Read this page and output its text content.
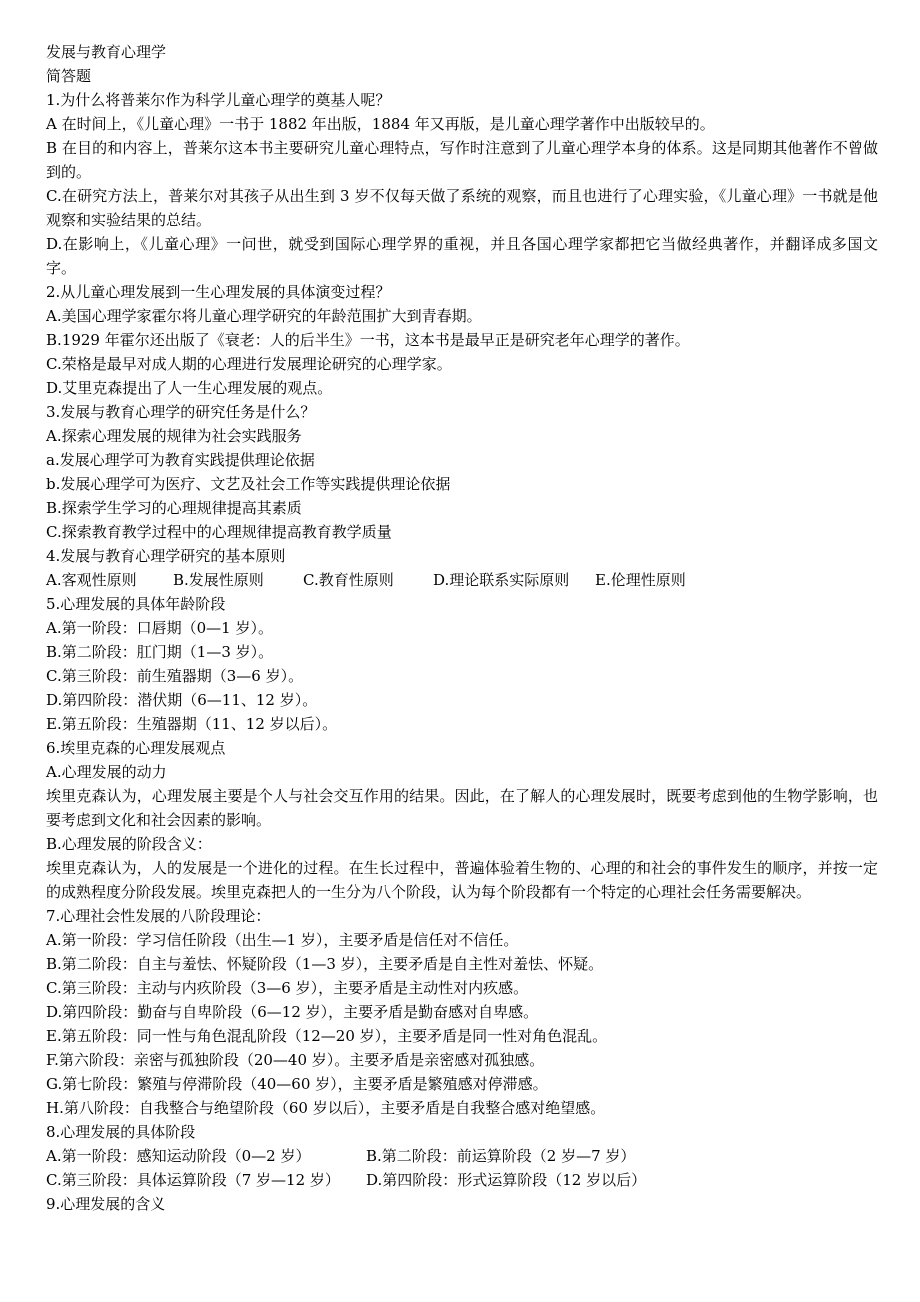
发展与教育心理学
简答题
1.为什么将普莱尔作为科学儿童心理学的奠基人呢？
A 在时间上，《儿童心理》一书于 1882 年出版，1884 年又再版，是儿童心理学著作中出版较早的。
B 在目的和内容上，普莱尔这本书主要研究儿童心理特点，写作时注意到了儿童心理学本身的体系。这是同期其他著作不曾做到的。
C.在研究方法上，普莱尔对其孩子从出生到 3 岁不仅每天做了系统的观察，而且也进行了心理实验，《儿童心理》一书就是他观察和实验结果的总结。
D.在影响上，《儿童心理》一问世，就受到国际心理学界的重视，并且各国心理学家都把它当做经典著作，并翻译成多国文字。
2.从儿童心理发展到一生心理发展的具体演变过程？
A.美国心理学家霍尔将儿童心理学研究的年龄范围扩大到青春期。
B.1929 年霍尔还出版了《衰老：人的后半生》一书，这本书是最早正是研究老年心理学的著作。
C.荣格是最早对成人期的心理进行发展理论研究的心理学家。
D.艾里克森提出了人一生心理发展的观点。
3.发展与教育心理学的研究任务是什么？
A.探索心理发展的规律为社会实践服务
a.发展心理学可为教育实践提供理论依据
b.发展心理学可为医疗、文艺及社会工作等实践提供理论依据
B.探索学生学习的心理规律提高其素质
C.探索教育教学过程中的心理规律提高教育教学质量
4.发展与教育心理学研究的基本原则
A.客观性原则	B.发展性原则	C.教育性原则	D.理论联系实际原则	E.伦理性原则
5.心理发展的具体年龄阶段
A.第一阶段：口唇期（0—1 岁）。
B.第二阶段：肛门期（1—3 岁）。
C.第三阶段：前生殖器期（3—6 岁）。
D.第四阶段：潜伏期（6—11、12 岁）。
E.第五阶段：生殖器期（11、12 岁以后）。
6.埃里克森的心理发展观点
A.心理发展的动力
埃里克森认为，心理发展主要是个人与社会交互作用的结果。因此，在了解人的心理发展时，既要考虑到他的生物学影响，也要考虑到文化和社会因素的影响。
B.心理发展的阶段含义：
埃里克森认为，人的发展是一个进化的过程。在生长过程中，普遍体验着生物的、心理的和社会的事件发生的顺序，并按一定的成熟程度分阶段发展。埃里克森把人的一生分为八个阶段，认为每个阶段都有一个特定的心理社会任务需要解决。
7.心理社会性发展的八阶段理论：
A.第一阶段：学习信任阶段（出生—1 岁），主要矛盾是信任对不信任。
B.第二阶段：自主与羞怯、怀疑阶段（1—3 岁），主要矛盾是自主性对羞怯、怀疑。
C.第三阶段：主动与内疚阶段（3—6 岁），主要矛盾是主动性对内疚感。
D.第四阶段：勤奋与自卑阶段（6—12 岁），主要矛盾是勤奋感对自卑感。
E.第五阶段：同一性与角色混乱阶段（12—20 岁），主要矛盾是同一性对角色混乱。
F.第六阶段：亲密与孤独阶段（20—40 岁）。主要矛盾是亲密感对孤独感。
G.第七阶段：繁殖与停滞阶段（40—60 岁），主要矛盾是繁殖感对停滞感。
H.第八阶段：自我整合与绝望阶段（60 岁以后），主要矛盾是自我整合感对绝望感。
8.心理发展的具体阶段
A.第一阶段：感知运动阶段（0—2 岁）	B.第二阶段：前运算阶段（2 岁—7 岁）
C.第三阶段：具体运算阶段（7 岁—12 岁）	D.第四阶段：形式运算阶段（12 岁以后）
9.心理发展的含义
